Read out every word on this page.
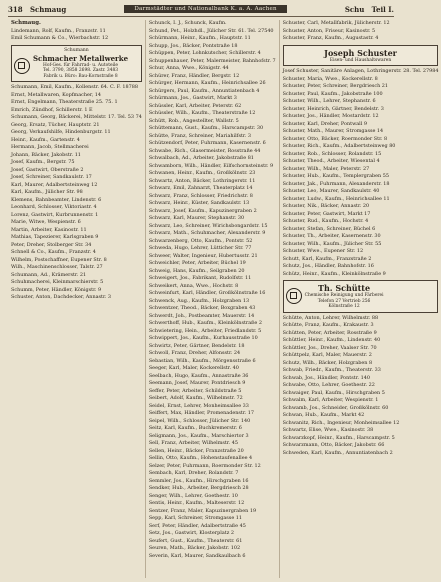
318 Schmaug	Darmstädter und Nationalbank K. a. A. Aachen	Schu Teil I.
Schmaug.
Lindemann, Rolf, Kaufm., Franzstr. 11
Emil Schumann & Co., Wierbachstr. 12
Schumann
Schmacher Metallwerke
Hof-Ges. für Fahrrad- u. Autoteile
Tel. 3790, 3858 2698. Zastr. 3483
Fabrik u. Büro: Bau-Kornstraße 8
Schumann, Emil, Kaufm., Kollenstr. 64. C. F. 18788
Ernst, Metallwaren, Kopfmacher, 14
Ernst, Engelmann, Theaterstraße 25. 75. 1
Emrich, Zündhof, Schillerstr. 1 E
Schumann, Georg, Bäckerei, Mittelstr. 17. Tel. 53 74
Georg, Ersatz, Tücher, Hauptstr. 21
Georg, Verkaufshilfe, Hindenburgstr. 11
Heinr., Kaufm., Gartenstr. 4
Hermann, Jacob, Stellmacherei
Johann, Bäcker, Jakobstr. 11
Josef, Kaufm., Bergstr. 75
Josef, Gastwirt, Oberstraße 2
Josef, Schreiner, Sandkaulstr. 17
Karl, Maurer, Adalbertsteinweg 12
Karl, Kaufm., Jülicher Str. 98
Klemens, Bahnbeamter, Lindenstr. 6
Leonhard, Schlosser, Viktoriastr. 4
Lorenz, Gastwirt, Kurbrunnenstr. 1
Marie, Witwe, Wespienstr. 6
Martin, Arbeiter, Kasinostr. 11
Mathias, Tapezierer, Karlsgraben 9
Peter, Dreher, Stolberger Str. 34
Schnell & Co., Kaufm., Franzstr. 4
Wilhelm, Postschaffner, Eupener Str. 8
Wilh., Maschinenschlosser, Talstr. 27
Schumann, Ad., Krämerstr. 21
Schuhmacherei, Kleinmarschierstr. 5
Schumm, Peter, Händler, Königstr. 9
Schuster, Anton, Dachdecker, Annastr. 3
Schunck, I. J., Schunck, Kaufm.
Schund, Pet., Holzhdl., Jülicher Str. 61. Tel. 27540
Schürmann, Heinr., Kaufm., Hauptstr. 11
Schupp, Jos., Bäcker, Pontstraße 18
Schüppen, Peter, Lohnkutscher, Schillerstr. 4
Schuppenhauer, Peter, Malermeister, Bahnhofstr. 7
Schur, Anna, Wwe., Königstr. 44
Schürer, Franz, Händler, Bergstr. 12
Schürger, Hermann, Kaufm., Heinrichsallee 26
Schürgers, Paul, Kaufm., Annuntiatenbach 4
Schürmann, Jos., Gastwirt, Markt 3
Schüssler, Karl, Arbeiter, Peterstr. 62
Schüssler, Wilh., Kaufm., Theaterstraße 12
Schütt, Rob., Angestellter, Wallstr. 5
Schüttemann, Gust., Kaufm., Harscampstr. 30
Schütte, Franz, Schreiner, Mariahilfstr. 3
Schützendorf, Peter, Fuhrmann, Kasernenstr. 6
Schwabe, Rich., Glasermeister, Rosstraße 44
Schwalbach, Ad., Arbeiter, Jakobstraße 81
Schwamborn, Wilh., Händler, Eilfschornsteinstr. 9
Schwanen, Heinr., Kaufm., Großkölnstr. 23
Schwartz, Anton, Bäcker, Lothringerstr. 11
Schwarz, Emil, Zahnarzt, Theaterplatz 14
Schwarz, Franz, Schlosser, Friedrichstr. 8
Schwarz, Heinr., Küster, Sandkaulstr. 13
Schwarz, Josef, Kaufm., Kapuzinergraben 2
Schwarz, Karl, Maurer, Stephanstr. 30
Schwarz, Leo, Schreiner, Wirichsbongardstr. 15
Schwarz, Math., Schuhmacher, Alexanderstr. 9
Schwarzenberg, Otto, Kaufm., Pontstr. 52
Schweda, Hugo, Lehrer, Lütticher Str. 77
Schweer, Walter, Ingenieur, Hubertusstr. 21
Schweichler, Peter, Arbeiter, Büchel 19
Schweig, Hans, Kaufm., Seilgraben 20
Schweigert, Jos., Fabrikant, Rudolfstr. 11
Schweikert, Anna, Wwe., Hochstr. 8
Schweinfurt, Karl, Händler, Großkölnstraße 16
Schwenck, Aug., Kaufm., Holzgraben 13
Schwentzer, Theod., Bäcker, Boxgraben 43
Schwerdt, Joh., Postbeamter, Mauerstr. 14
Schwerthoff, Hub., Kaufm., Kleinkölnstraße 2
Schwietering, Hein., Arbeiter, Friedlandstr. 5
Schwippert, Jos., Kaufm., Kurhausstraße 10
Schwirtz, Peter, Gärtner, Bendelstr. 18
Schwoll, Franz, Dreher, Alfonsstr. 24
Sebastian, Wilh., Kaufm., Mörgensstraße 6
Seeger, Karl, Maler, Kockerellstr. 40
Seelbach, Hugo, Kaufm., Annastraße 36
Seemann, Josef, Maurer, Pontdriesch 9
Seffer, Peter, Arbeiter, Schildstraße 5
Seibert, Adolf, Kaufm., Wilhelmstr. 72
Seidel, Ernst, Lehrer, Monheimsallee 33
Seiffert, Max, Händler, Promenadenstr. 17
Seipel, Wilh., Schlosser, Jülicher Str. 140
Seitz, Karl, Kaufm., Buchkremerstr. 6
Seligmann, Jos., Kaufm., Marschiertor 3
Sell, Franz, Arbeiter, Wilhelmstr. 45
Sellen, Heinr., Bäcker, Franzstraße 20
Sellin, Otto, Kaufm., Hohenstaufenallee 4
Selzer, Peter, Fuhrmann, Roermonder Str. 12
Sembach, Karl, Dreher, Rolandstr. 7
Semmler, Jos., Kaufm., Hirschgraben 16
Sendker, Hub., Arbeiter, Bergdriesch 28
Senger, Wilh., Lehrer, Goethestr. 10
Sentis, Heinr., Kaufm., Malteserstr. 12
Sentzer, Franz, Maler, Kapuzinergraben 19
Sepp, Karl, Schreiner, Stromgasse 11
Serf, Peter, Händler, Adalbertstraße 45
Setz, Jos., Gastwirt, Klosterplatz 2
Seufert, Gust., Kaufm., Theaterstr. 61
Seuren, Math., Bäcker, Jakobstr. 102
Severin, Karl, Maurer, Sandkaulbach 6
Schuster, Carl, Metallfabrik, Jülicherstr. 12
Schuster, Anton, Friseur, Kasinostr. 5
Schuster, Franz, Kaufm., Augustastr. 4
Joseph Schuster
Eisen- und Haushaltswaren
Josef Schuster, Sanitäre Anlagen, Lothringerstr. 28. Tel. 27984
Schuster, Maria, Wwe., Kockerellstr. 8
Schuster, Peter, Schreiner, Bergdriesch 21
Schuster, Paul, Kaufm., Jakobstraße 100
Schuster, Wilh., Lehrer, Stephanstr. 6
Schuster, Heinrich, Gärtner, Bendelstr. 3
Schuster, Jos., Händler, Mostardstr. 12
Schuster, Karl, Dreher, Pontwall 9
Schuster, Math., Maurer, Stromgasse 14
Schuster, Otto, Bäcker, Roermonder Str. 8
Schuster, Rich., Kaufm., Adalbertsteinweg 80
Schuster, Rob., Schlosser, Rolandstr. 15
Schuster, Theod., Arbeiter, Wiesental 4
Schuster, Wilh., Maler, Peterstr. 27
Schuster, Hub., Kaufm., Templergraben 55
Schuster, Jak., Fuhrmann, Alexanderstr. 18
Schuster, Leo, Maurer, Sandkaulstr. 40
Schuster, Ludw., Kaufm., Heinrichsallee 11
Schuster, Nik., Bäcker, Annastr. 20
Schuster, Peter, Gastwirt, Markt 17
Schuster, Rud., Kaufm., Hochstr. 4
Schuster, Stefan, Schreiner, Büchel 6
Schuster, Th., Arbeiter, Kasernenstr. 30
Schuster, Wilh., Kaufm., Jülicher Str. 55
Schuster, Wwe., Eupener Str. 12
Schutt, Karl, Kaufm., Franzstraße 2
Schutz, Jos., Händler, Bahnhofstr. 16
Schütz, Heinr., Kaufm., Kleinkölnstraße 9
Th. Schütte
Chemische Reinigung und Färberei
Telefon 27 Vertrieb 256
Kölnstraße 12
Schütte, Anton, Lehrer, Wilhelmstr. 88
Schütte, Franz, Kaufm., Krakaustr. 3
Schütten, Peter, Arbeiter, Rosstraße 9
Schüttler, Heinr., Kaufm., Lindenstr. 40
Schüttler, Jos., Dreher, Vaalser Str. 70
Schüttpelz, Karl, Maler, Mauerstr. 2
Schutz, Wilh., Bäcker, Holzgraben 8
Schwab, Friedr., Kaufm., Theaterstr. 33
Schwab, Jos., Händler, Pontstr. 140
Schwabe, Otto, Lehrer, Goethestr. 22
Schwaiger, Paul, Kaufm., Hirschgraben 5
Schwalm, Karl, Arbeiter, Wespienstr. 1
Schwamb, Jos., Schneider, Großkölnstr. 60
Schwan, Hub., Kaufm., Markt 42
Schwanitz, Rich., Ingenieur, Monheimsallee 12
Schwartz, Elise, Wwe., Kasinostr. 38
Schwarzkopf, Heinr., Kaufm., Harscampstr. 5
Schwarzmann, Otto, Bäcker, Jakobstr. 66
Schweden, Karl, Kaufm., Annuntiatenbach 2
